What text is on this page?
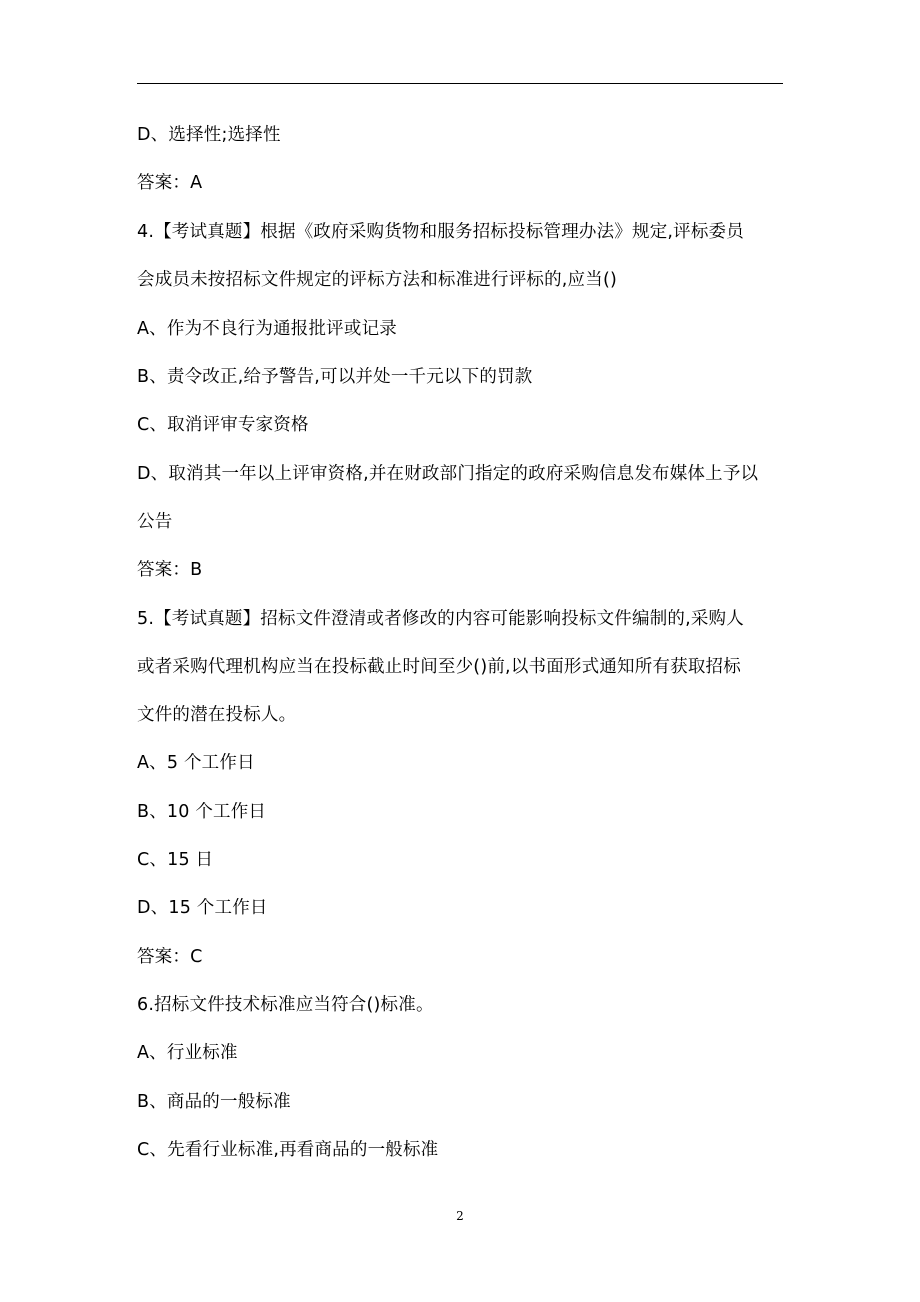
D、选择性;选择性
答案：A
4.【考试真题】根据《政府采购货物和服务招标投标管理办法》规定,评标委员
会成员未按招标文件规定的评标方法和标准进行评标的,应当()
A、作为不良行为通报批评或记录
B、责令改正,给予警告,可以并处一千元以下的罚款
C、取消评审专家资格
D、取消其一年以上评审资格,并在财政部门指定的政府采购信息发布媒体上予以
公告
答案：B
5.【考试真题】招标文件澄清或者修改的内容可能影响投标文件编制的,采购人
或者采购代理机构应当在投标截止时间至少()前,以书面形式通知所有获取招标
文件的潜在投标人。
A、5 个工作日
B、10 个工作日
C、15 日
D、15 个工作日
答案：C
6.招标文件技术标准应当符合()标准。
A、行业标准
B、商品的一般标准
C、先看行业标准,再看商品的一般标准
2
